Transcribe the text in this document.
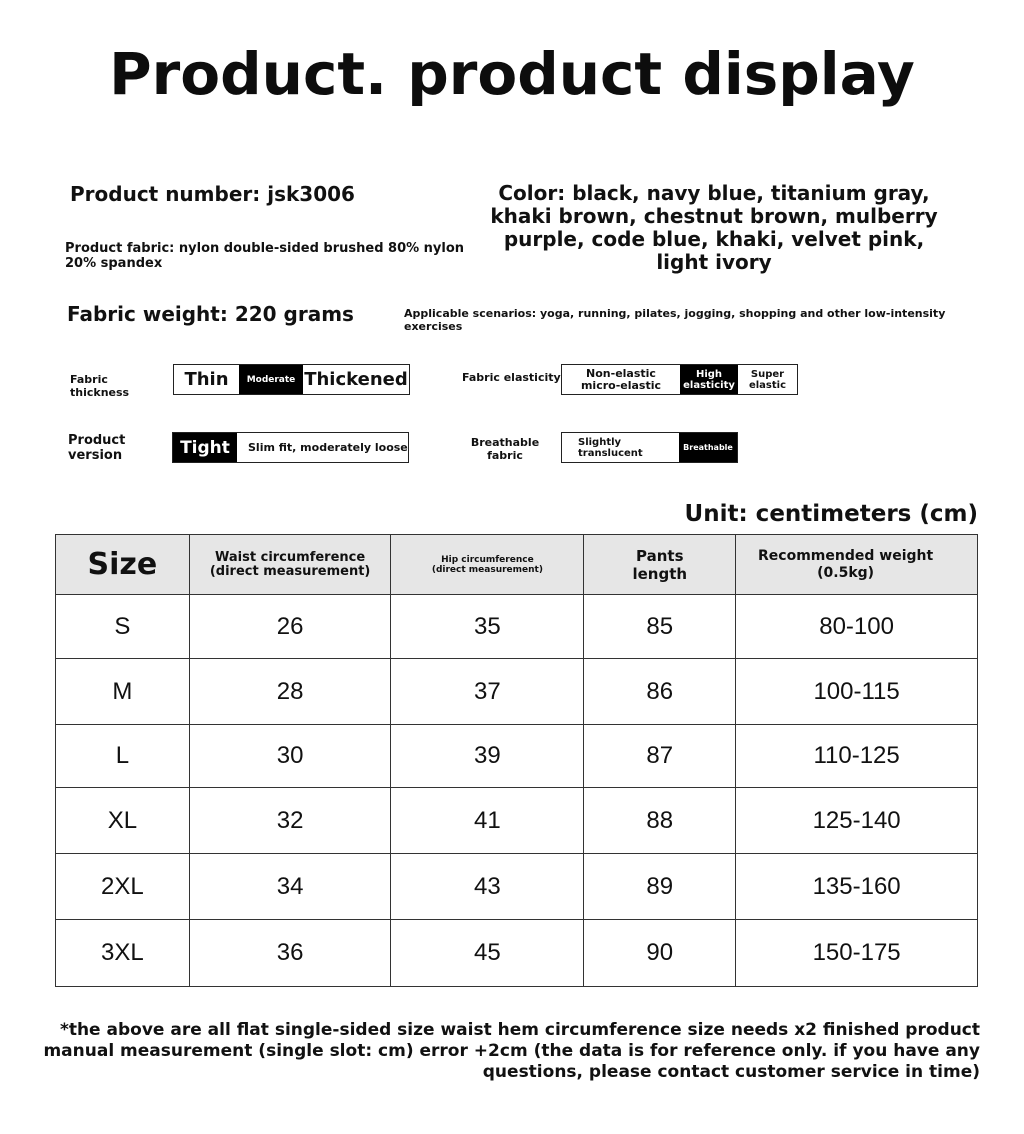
Product. product display
Product number: jsk3006	Color: black, navy blue, titanium gray, khaki brown, chestnut brown, mulberry purple, code blue, khaki, velvet pink, light ivory
Product fabric: nylon double-sided brushed 80% nylon 20% spandex
Fabric weight: 220 grams	Applicable scenarios: yoga, running, pilates, jogging, shopping and other low-intensity exercises
Fabric thickness
Thin	Moderate Thickened	Fabric elasticity	Non-elastic micro-elastic
High elasticity
Super elastic
Product version	Tight	Slim fit, moderately loose	Breathable fabric
Slightly translucent	Breathable
Unit: centimeters (cm)
Size	Waist circumference (direct measurement)	Hip circumference (direct measurement)	Pants length	Recommended weight (0.5kg)
S	26	35	85	80-100
M	28	37	86	100-115
L	30	39	87	110-125
XL	32	41	88	125-140
2XL	34	43	89	135-160
3XL	36	45	90	150-175
*the above are all flat single-sided size waist hem circumference size needs x2 finished product manual measurement (single slot: cm) error +2cm (the data is for reference only. if you have any questions, please contact customer service in time)
